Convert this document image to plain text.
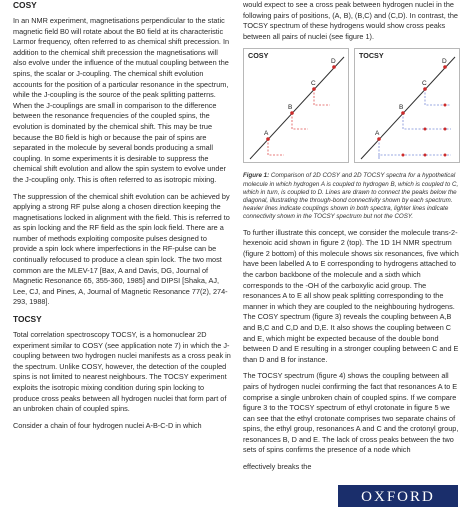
COSY

In an NMR experiment, magnetisations perpendicular to the static magnetic field B0 will rotate about the B0 field at its characteristic Larmor frequency, often referred to as chemical shift precession. In addition to the chemical shift precession the magnetisations will also evolve under the influence of the mutual coupling between the spins, the scalar or J-coupling. The chemical shift evolution accounts for the position of a particular resonance in the spectrum, while the J-coupling is the source of the peak splitting patterns. When the J-couplings are small in comparison to the difference between the resonance frequencies of the coupled spins, the evolution is dominated by the chemical shift. This may be true because the B0 field is high or because the pair of spins are separated in the molecule by several bonds producing a small coupling. In some experiments it is desirable to suppress the chemical shift evolution and allow the spin system to evolve under the J-coupling only. This is often referred to as isotropic mixing.

The suppression of the chemical shift evolution can be achieved by applying a strong RF pulse along a chosen direction keeping the magnetisations locked in alignment with the field. This is referred to as spin locking and the RF field as the spin lock field. There are a number of methods exploiting composite pulses designed to provide a spin lock where imperfections in the RF-pulse can be continually refocused to produce a clean spin lock. The two most common are the MLEV-17 [Bax, A and Davis, DG, Journal of Magnetic Resonance 65, 355-360, 1985] and DIPSI [Shaka, AJ, Lee, CJ, and Pines, A, Journal of Magnetic Resonance 77(2), 274-293, 1988].

TOCSY

Total correlation spectroscopy TOCSY, is a homonuclear 2D experiment similar to COSY (see application note 7) in which the J-coupling between two hydrogen nuclei manifests as a cross peak in the spectrum. Unlike COSY, however, the detection of the coupled spins is not limited to nearest neighbours. The TOCSY experiment exploits the isotropic mixing condition during spin locking to produce cross peaks between all hydrogen nuclei that form part of an unbroken chain of coupled spins.

Consider a chain of four hydrogen nuclei A-B-C-D in which

would expect to see a cross peak between hydrogen nuclei in the following pairs of positions, (A, B), (B,C) and (C,D). In contrast, the TOCSY spectrum of these hydrogens would show cross peaks between all pairs of nuclei (see figure 1).

COSY
A
B
C
D
TOCSY
A
B
C
D
Figure 1: Comparison of 2D COSY and 2D TOCSY spectra for a hypothetical molecule in which hydrogen A is coupled to hydrogen B, which is coupled to C, which in turn, is coupled to D. Lines are drawn to connect the peaks below the diagonal, illustrating the through-bond connectivity shown by each spectrum. heavier lines indicate couplings shown in both spectra, lighter lines indicate connectivity shown in the TOCSY spectrum but not the COSY.

To further illustrate this concept, we consider the molecule trans-2-hexenoic acid shown in figure 2 (top). The 1D 1H NMR spectrum (figure 2 bottom) of this molecule shows six resonances, five which have been labelled A to E corresponding to hydrogens attached to the carbon backbone of the molecule and a sixth which corresponds to the -OH of the carboxylic acid group. The resonances A to E all show peak splitting corresponding to the manner in which they are coupled to the neighbouring hydrogens. The COSY spectrum (figure 3) reveals the coupling between A,B and B,C and C,D and D,E. It also shows the coupling between C and E, which might be expected because of the double bond between D and E resulting in a stronger coupling between C and E than D and B for instance.

The TOCSY spectrum (figure 4) shows the coupling between all pairs of hydrogen nuclei confirming the fact that resonances A to E comprise a single unbroken chain of coupled spins. If we compare figure 3 to the TOCSY spectrum of ethyl crotonate in figure 5 we can see that the ethyl crotonate comprises two separate chains of spins, the ethyl group, resonances A and C and the crotonyl group, resonances B, D and E. The lack of cross peaks between the two sets of spins confirms the presence of a node which

effectively breaks the
OXFORD
